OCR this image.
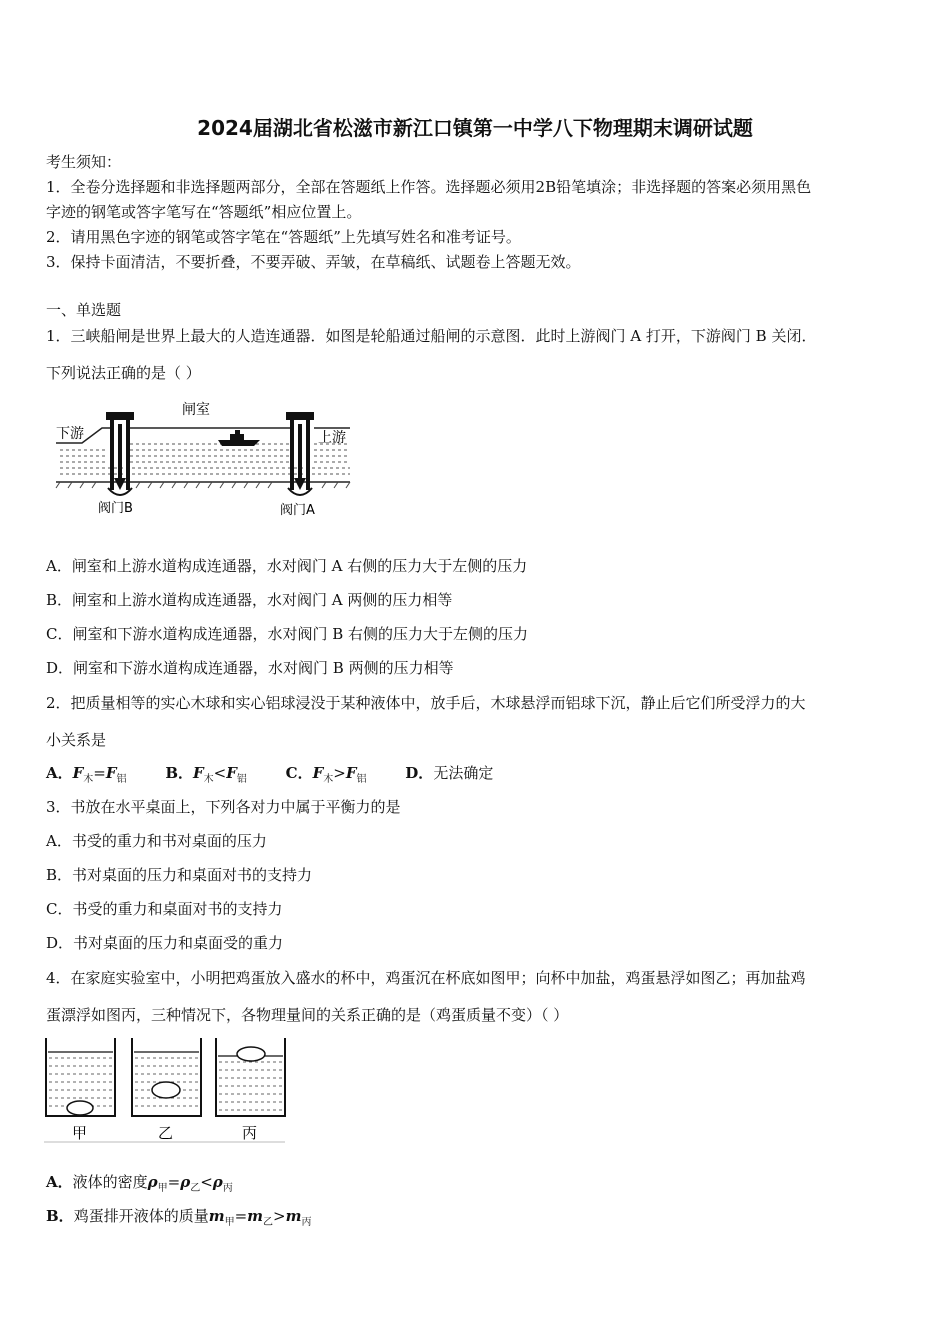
2024届湖北省松滋市新江口镇第一中学八下物理期末调研试题
考生须知：
1．全卷分选择题和非选择题两部分，全部在答题纸上作答。选择题必须用2B铅笔填涂；非选择题的答案必须用黑色
字迹的钢笔或答字笔写在“答题纸”相应位置上。
2．请用黑色字迹的钢笔或答字笔在“答题纸”上先填写姓名和准考证号。
3．保持卡面清洁，不要折叠，不要弄破、弄皱，在草稿纸、试题卷上答题无效。
一、单选题
1．三峡船闸是世界上最大的人造连通器．如图是轮船通过船闸的示意图．此时上游阀门 A 打开，下游阀门 B 关闭．
下列说法正确的是（ ）
闸室
下游	上游
阀门B	阀门A
A．闸室和上游水道构成连通器，水对阀门 A 右侧的压力大于左侧的压力
B．闸室和上游水道构成连通器，水对阀门 A 两侧的压力相等
C．闸室和下游水道构成连通器，水对阀门 B 右侧的压力大于左侧的压力
D．闸室和下游水道构成连通器，水对阀门 B 两侧的压力相等
2．把质量相等的实心木球和实心铝球浸没于某种液体中，放手后，木球悬浮而铝球下沉，静止后它们所受浮力的大
小关系是
A．$F_木=F_铝$	B．$F_木<F_铝$	C．$F_木>F_铝$	D．无法确定
3．书放在水平桌面上，下列各对力中属于平衡力的是
A．书受的重力和书对桌面的压力
B．书对桌面的压力和桌面对书的支持力
C．书受的重力和桌面对书的支持力
D．书对桌面的压力和桌面受的重力
4．在家庭实验室中，小明把鸡蛋放入盛水的杯中，鸡蛋沉在杯底如图甲；向杯中加盐，鸡蛋悬浮如图乙；再加盐鸡
蛋漂浮如图丙，三种情况下，各物理量间的关系正确的是（鸡蛋质量不变）（ ）
甲	乙	丙
A．液体的密度$\rho_甲=\rho_乙<\rho_丙$
B．鸡蛋排开液体的质量$m_甲=m_乙>m_丙$
